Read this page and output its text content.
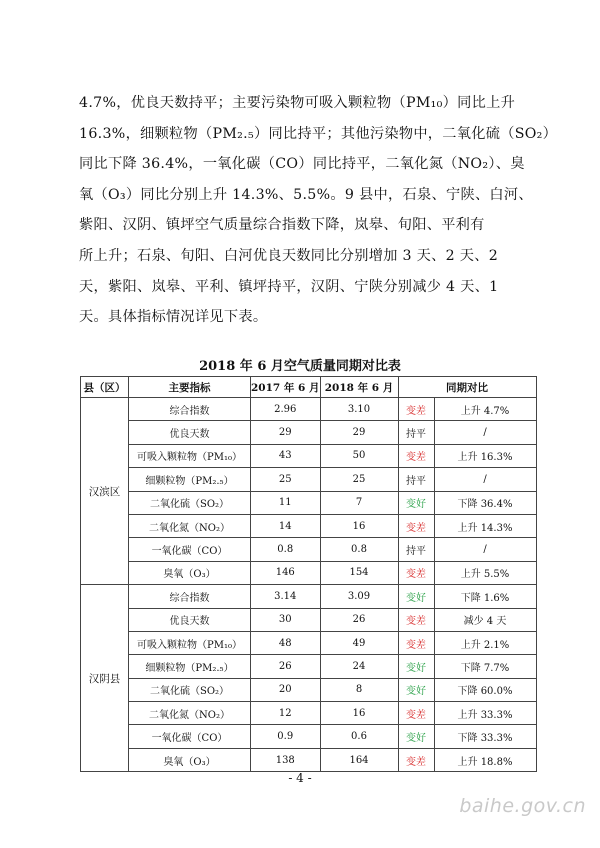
4.7%，优良天数持平；主要污染物可吸入颗粒物（PM₁₀）同比上升

16.3%，细颗粒物（PM₂.₅）同比持平；其他污染物中，二氧化硫（SO₂）

同比下降 36.4%，一氧化碳（CO）同比持平，二氧化氮（NO₂）、臭

氧（O₃）同比分别上升 14.3%、5.5%。9 县中，石泉、宁陕、白河、

紫阳、汉阴、镇坪空气质量综合指数下降，岚皋、旬阳、平利有

所上升；石泉、旬阳、白河优良天数同比分别增加 3 天、2 天、2

天，紫阳、岚皋、平利、镇坪持平，汉阴、宁陕分别减少 4 天、1

天。具体指标情况详见下表。

2018 年 6 月空气质量同期对比表
县（区）	主要指标	2017 年 6 月	2018 年 6 月	同期对比	
汉滨区	综合指数	2.96	3.10	变差	上升 4.7%
	优良天数	29	29	持平	/
	可吸入颗粒物（PM₁₀）	43	50	变差	上升 16.3%
	细颗粒物（PM₂.₅）	25	25	持平	/
	二氧化硫（SO₂）	11	7	变好	下降 36.4%
	二氧化氮（NO₂）	14	16	变差	上升 14.3%
	一氧化碳（CO）	0.8	0.8	持平	/
	臭氧（O₃）	146	154	变差	上升 5.5%
汉阴县	综合指数	3.14	3.09	变好	下降 1.6%
	优良天数	30	26	变差	减少 4 天
	可吸入颗粒物（PM₁₀）	48	49	变差	上升 2.1%
	细颗粒物（PM₂.₅）	26	24	变好	下降 7.7%
	二氧化硫（SO₂）	20	8	变好	下降 60.0%
	二氧化氮（NO₂）	12	16	变差	上升 33.3%
	一氧化碳（CO）	0.9	0.6	变好	下降 33.3%
	臭氧（O₃）	138	164	变差	上升 18.8%
- 4 -
baihe.gov.cn
